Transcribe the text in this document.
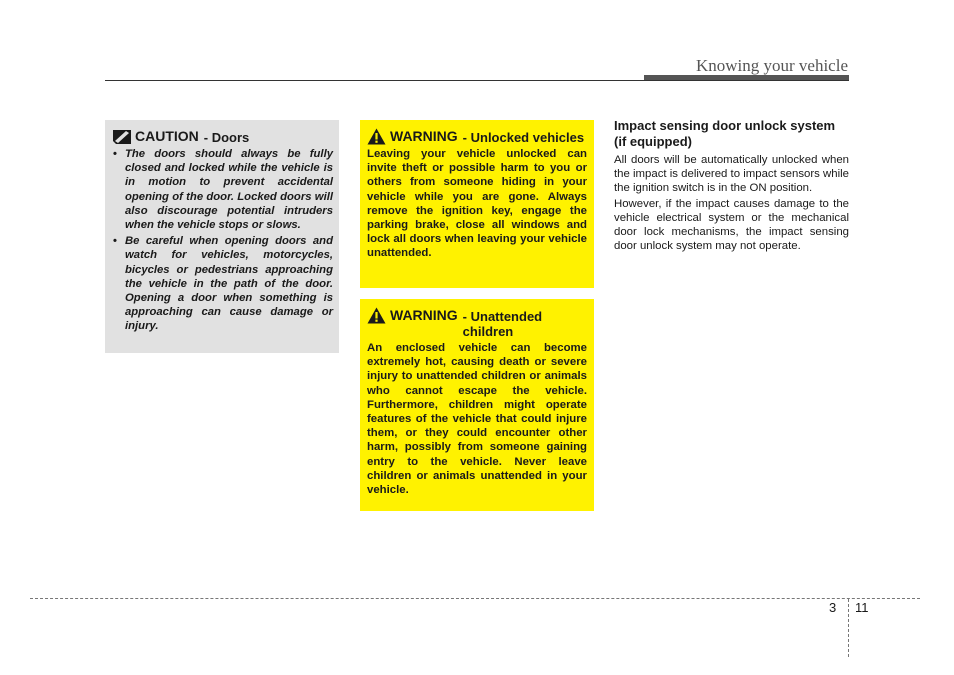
Knowing your vehicle
CAUTION - Doors
• The doors should always be fully closed and locked while the vehicle is in motion to prevent accidental opening of the door. Locked doors will also discourage potential intruders when the vehicle stops or slows.
• Be careful when opening doors and watch for vehicles, motorcycles, bicycles or pedestrians approaching the vehicle in the path of the door. Opening a door when something is approaching can cause damage or injury.
WARNING - Unlocked vehicles
Leaving your vehicle unlocked can invite theft or possible harm to you or others from someone hiding in your vehicle while you are gone. Always remove the ignition key, engage the parking brake, close all windows and lock all doors when leaving your vehicle unattended.
WARNING - Unattended children
An enclosed vehicle can become extremely hot, causing death or severe injury to unattended children or animals who cannot escape the vehicle. Furthermore, children might operate features of the vehicle that could injure them, or they could encounter other harm, possibly from someone gaining entry to the vehicle. Never leave children or animals unattended in your vehicle.
Impact sensing door unlock system (if equipped)

All doors will be automatically unlocked when the impact is delivered to impact sensors while the ignition switch is in the ON position.

However, if the impact causes damage to the vehicle electrical system or the mechanical door lock mechanisms, the impact sensing door unlock system may not operate.

3 11
